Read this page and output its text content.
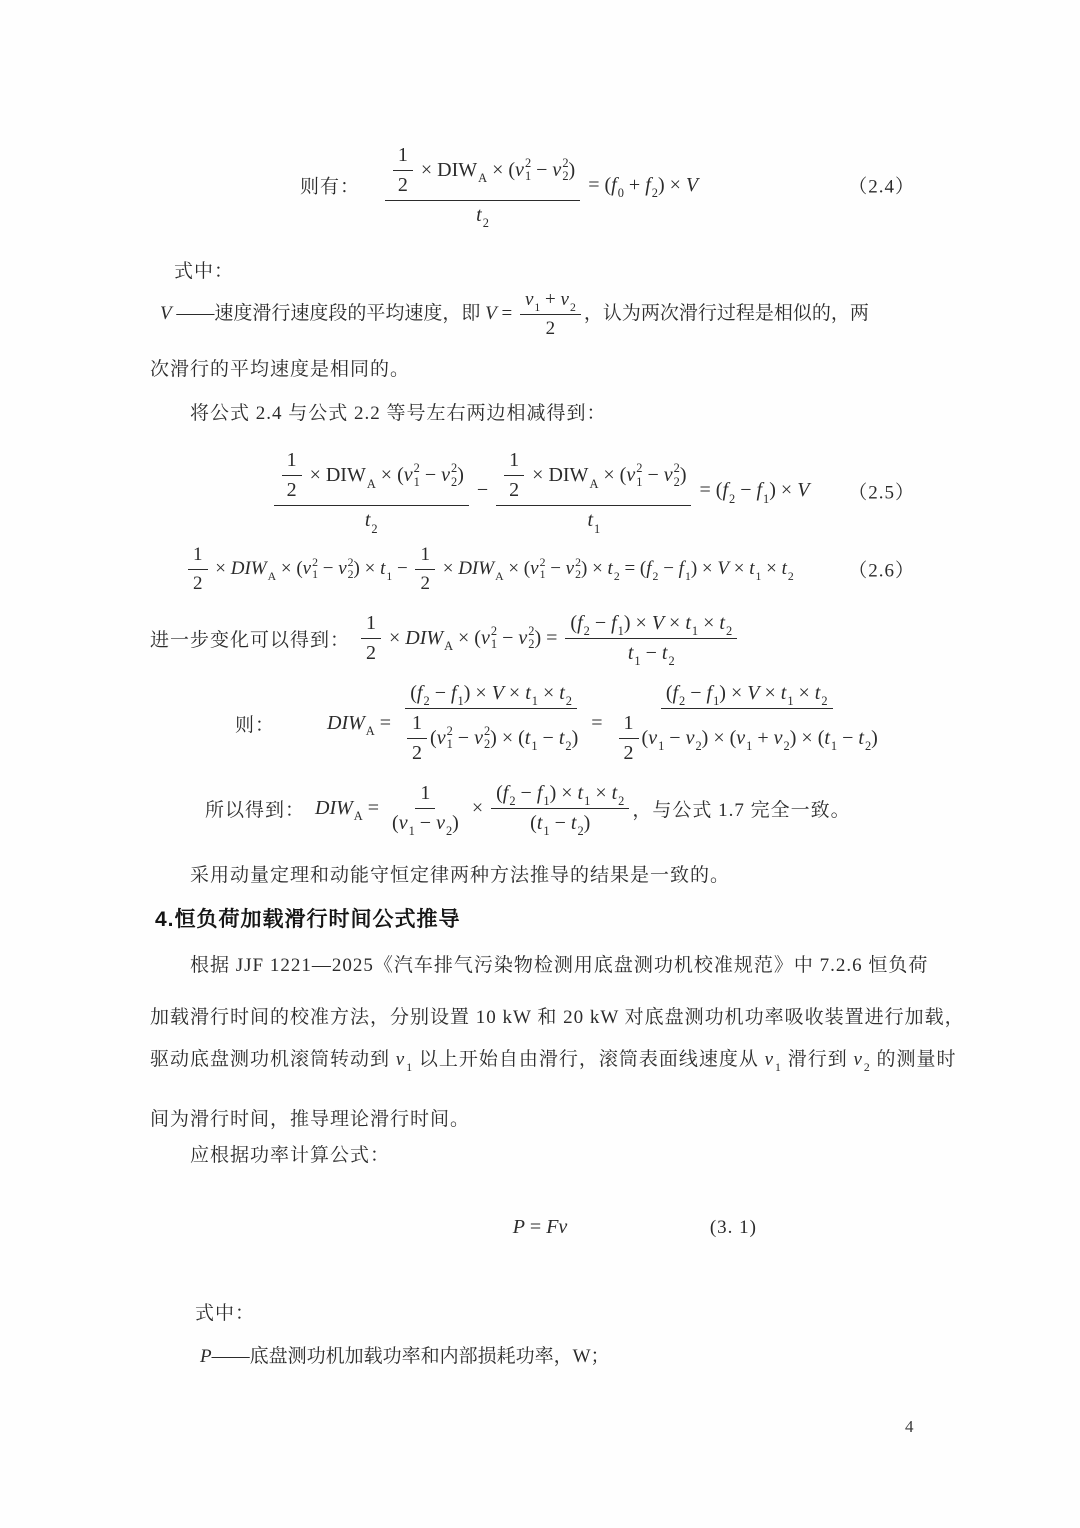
则有： $\frac{1}{2}$ × DIW $_A$ × ( v 2
1 − v 2
2 )
t $_2$ = ( f $_0$ + f $_2$ ) × V	（2.4）
式中：
V ——速度滑行速度段的平均速度，即 $V = \frac{v _1 + v _2}{2}$ ，认为两次滑行过程是相似的，两
次滑行的平均速度是相同的。
将公式 2.4 与公式 2.2 等号左右两边相减得到：
$\frac{1}{2}$ × DIW $_A$ × ( v 2
1 − v 2
2 )
t $_2 - \frac{1}{2}$ × DIW $_A$ × ( v 2
1 − v 2
2 )
t $_1$ = ( f $_2$ − f $_1$ ) × V （2.5）
$\frac{1}{2}$ × DIW $_A$ × ( v 2
1 − v 2
2 ) × t $_1 - \frac{1}{2}$ × DIW $_A$ × ( v 2
1 − v 2
2 ) × t $_2$ = ( f $_2$ − f $_1$ ) × V × t $_1$ × t $_2$	（2.6）
进一步变化可以得到： $\frac{1}{2}$ × DIW $_A$ × ( v 2
1 − v 2
2 ) = $\frac{( f _2 - f _1 ) \times V \times t _1 \times t _2}{t _1 - t _2}$
则：	DIW $_A$ = ( f $_2$ − f $_1$ ) × V × t $_1$ × t $_2$
$\frac{1}{2}$ ( v 2
1 − v 2
2 ) × ( t $_1$ − t $_2$ ) = $\frac{( f _2 - f _1 ) \times V \times t _1 \times t _2}{\frac{1}{2} ( v _1 - v _2 ) \times ( v _1 + v _2 ) \times ( t _1 - t _2 )}$
所以得到： DIW $_A = \frac{1}{( v _1 - v _2 )} \times \frac{( f _2 - f _1 ) \times t _1 \times t _2}{( t _1 - t _2 )}$ ，与公式 1.7 完全一致。
采用动量定理和动能守恒定律两种方法推导的结果是一致的。
4.恒负荷加载滑行时间公式推导
根据 JJF 1221—2025《汽车排气污染物检测用底盘测功机校准规范》中 7.2.6 恒负荷
加载滑行时间的校准方法，分别设置 10 kW 和 20 kW 对底盘测功机功率吸收装置进行加载，
驱动底盘测功机滚筒转动到 v $_1$ 以上开始自由滑行，滚筒表面线速度从 v $_1$ 滑行到 v $_2$ 的测量时
间为滑行时间，推导理论滑行时间。
应根据功率计算公式：
P = F v	(3. 1)
式中：
P ——底盘测功机加载功率和内部损耗功率，W；
4
